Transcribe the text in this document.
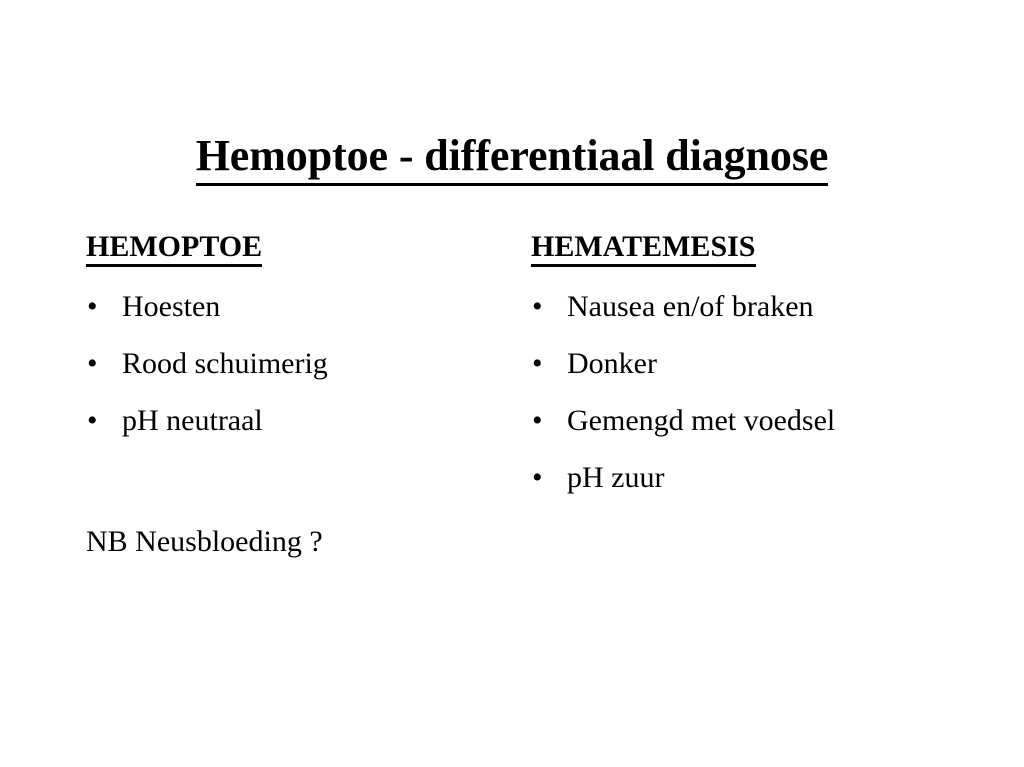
Hemoptoe - differentiaal diagnose
HEMOPTOE
• Hoesten
• Rood schuimerig
• pH neutraal
HEMATEMESIS
• Nausea en/of braken
• Donker
• Gemengd met voedsel
• pH zuur
NB Neusbloeding ?
